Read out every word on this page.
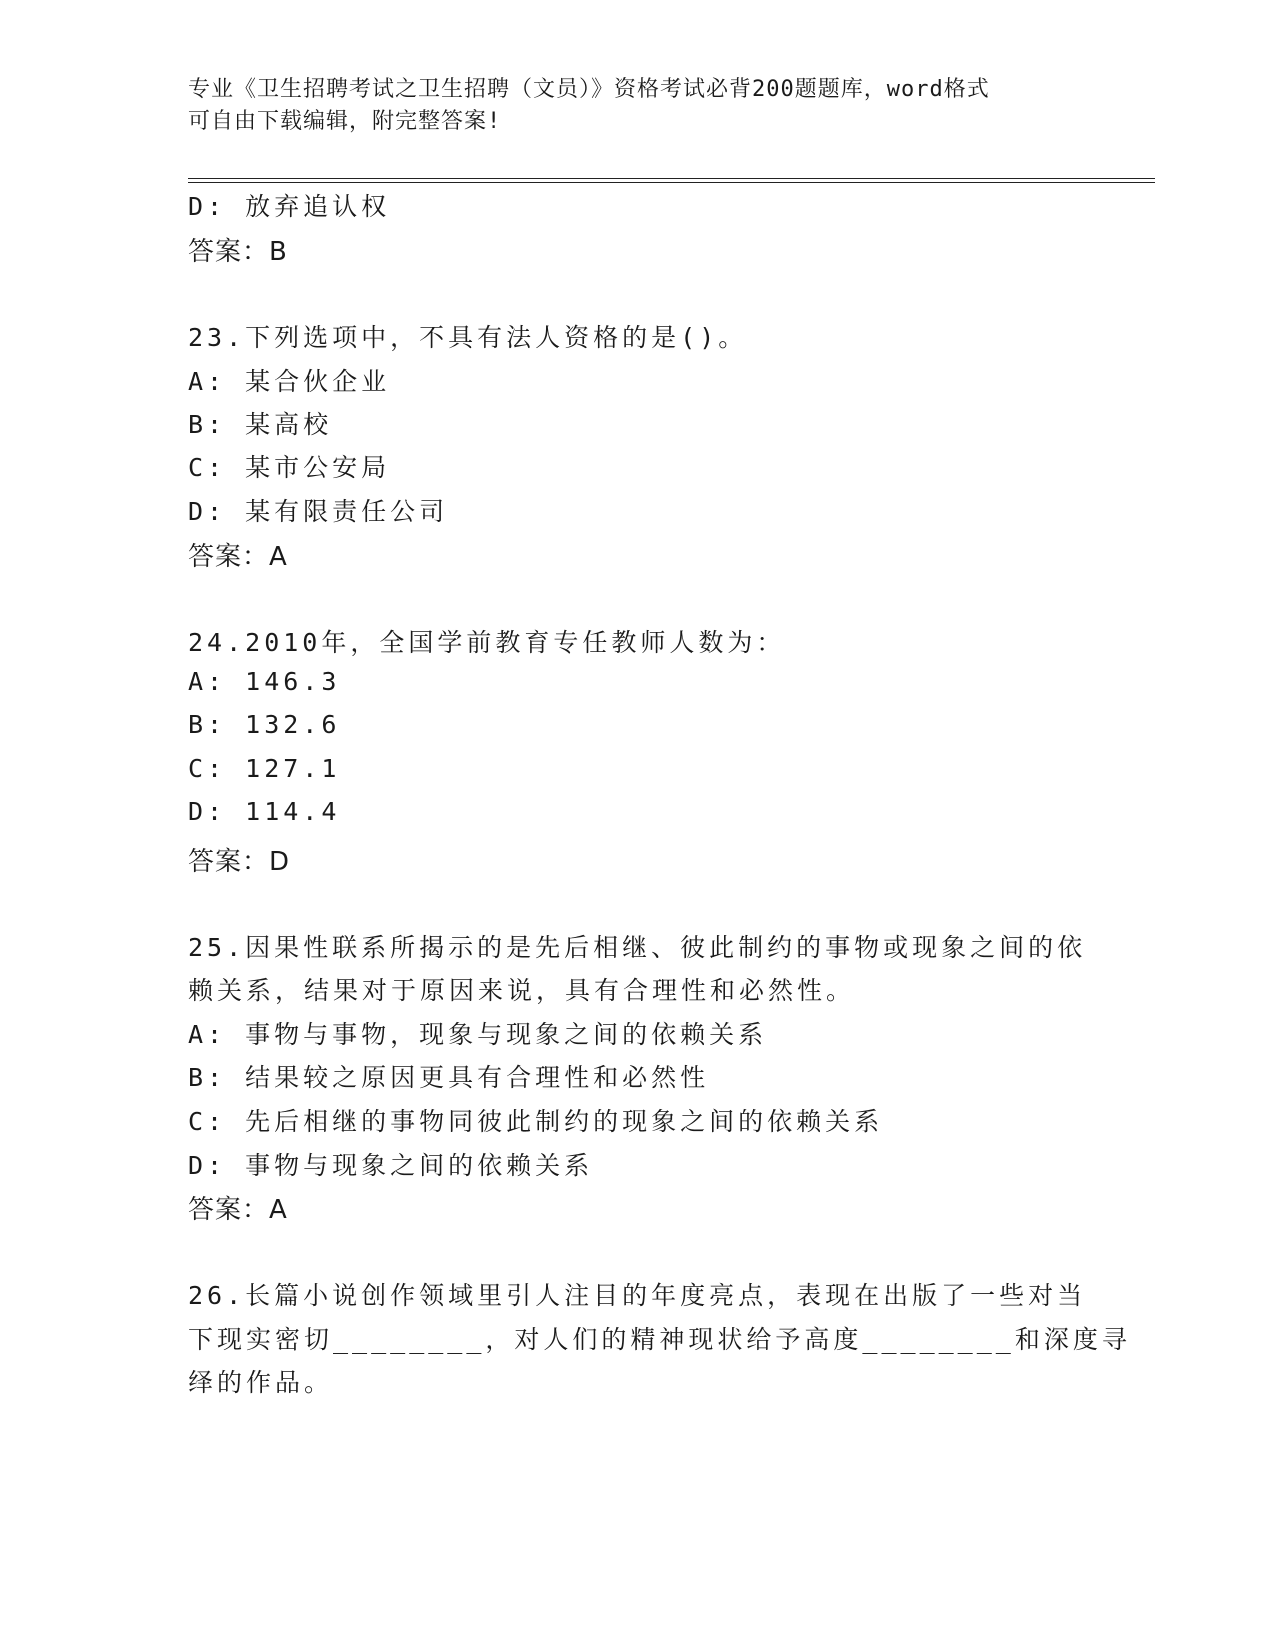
专业《卫生招聘考试之卫生招聘（文员）》资格考试必背200题题库，word格式
可自由下载编辑，附完整答案!
D: 放弃追认权
答案：B
23.下列选项中，不具有法人资格的是()。
A: 某合伙企业
B: 某高校
C: 某市公安局
D: 某有限责任公司
答案：A
24.2010年，全国学前教育专任教师人数为：
A: 146.3
B: 132.6
C: 127.1
D: 114.4
答案：D
25.因果性联系所揭示的是先后相继、彼此制约的事物或现象之间的依
赖关系，结果对于原因来说，具有合理性和必然性。
A: 事物与事物，现象与现象之间的依赖关系
B: 结果较之原因更具有合理性和必然性
C: 先后相继的事物同彼此制约的现象之间的依赖关系
D: 事物与现象之间的依赖关系
答案：A
26.长篇小说创作领域里引人注目的年度亮点，表现在出版了一些对当
下现实密切________，对人们的精神现状给予高度________和深度寻
绎的作品。
